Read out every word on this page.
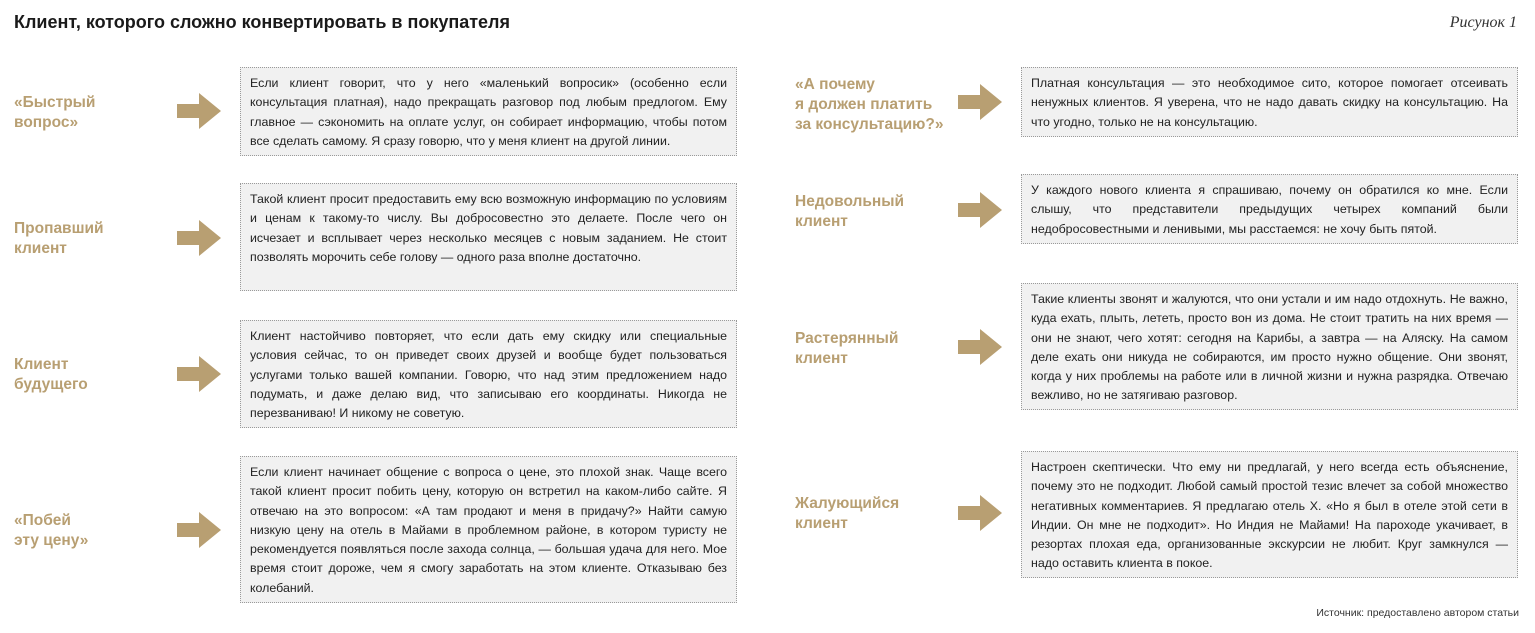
Клиент, которого сложно конвертировать в покупателя	Рисунок 1
«Быстрый
вопрос»
Если клиент говорит, что у него «маленький вопросик» (особенно если консультация платная), надо прекращать разговор под любым предлогом. Ему главное — сэкономить на оплате услуг, он собирает информацию, чтобы потом все сделать самому. Я сразу говорю, что у меня клиент на другой линии.
Пропавший
клиент
Такой клиент просит предоставить ему всю возможную информацию по условиям и ценам к такому-то числу. Вы добросовестно это делаете. После чего он исчезает и всплывает через несколько месяцев с новым заданием. Не стоит позволять морочить себе голову — одного раза вполне достаточно.
Клиент
будущего
Клиент настойчиво повторяет, что если дать ему скидку или специальные условия сейчас, то он приведет своих друзей и вообще будет пользоваться услугами только вашей компании. Говорю, что над этим предложением надо подумать, и даже делаю вид, что записываю его координаты. Никогда не перезваниваю! И никому не советую.
«Побей
эту цену»
Если клиент начинает общение с вопроса о цене, это плохой знак. Чаще всего такой клиент просит побить цену, которую он встретил на каком-либо сайте. Я отвечаю на это вопросом: «А там продают и меня в придачу?» Найти самую низкую цену на отель в Майами в проблемном районе, в котором туристу не рекомендуется появляться после захода солнца, — большая удача для него. Мое время стоит дороже, чем я смогу заработать на этом клиенте. Отказываю без колебаний.
«А почему
я должен платить
за консультацию?»
Платная консультация — это необходимое сито, которое помогает отсеивать ненужных клиентов. Я уверена, что не надо давать скидку на консультацию. На что угодно, только не на консультацию.
Недовольный
клиент
У каждого нового клиента я спрашиваю, почему он обратился ко мне. Если слышу, что представители предыдущих четырех компаний были недобросовестными и ленивыми, мы расстаемся: не хочу быть пятой.
Растерянный
клиент
Такие клиенты звонят и жалуются, что они устали и им надо отдохнуть. Не важно, куда ехать, плыть, лететь, просто вон из дома. Не стоит тратить на них время — они не знают, чего хотят: сегодня на Карибы, а завтра — на Аляску. На самом деле ехать они никуда не собираются, им просто нужно общение. Они звонят, когда у них проблемы на работе или в личной жизни и нужна разрядка. Отвечаю вежливо, но не затягиваю разговор.
Жалующийся
клиент
Настроен скептически. Что ему ни предлагай, у него всегда есть объяснение, почему это не подходит. Любой самый простой тезис влечет за собой множество негативных комментариев. Я предлагаю отель X. «Но я был в отеле этой сети в Индии. Он мне не подходит». Но Индия не Майами! На пароходе укачивает, в резортах плохая еда, организованные экскурсии не любит. Круг замкнулся — надо оставить клиента в покое.
Источник: предоставлено автором статьи
